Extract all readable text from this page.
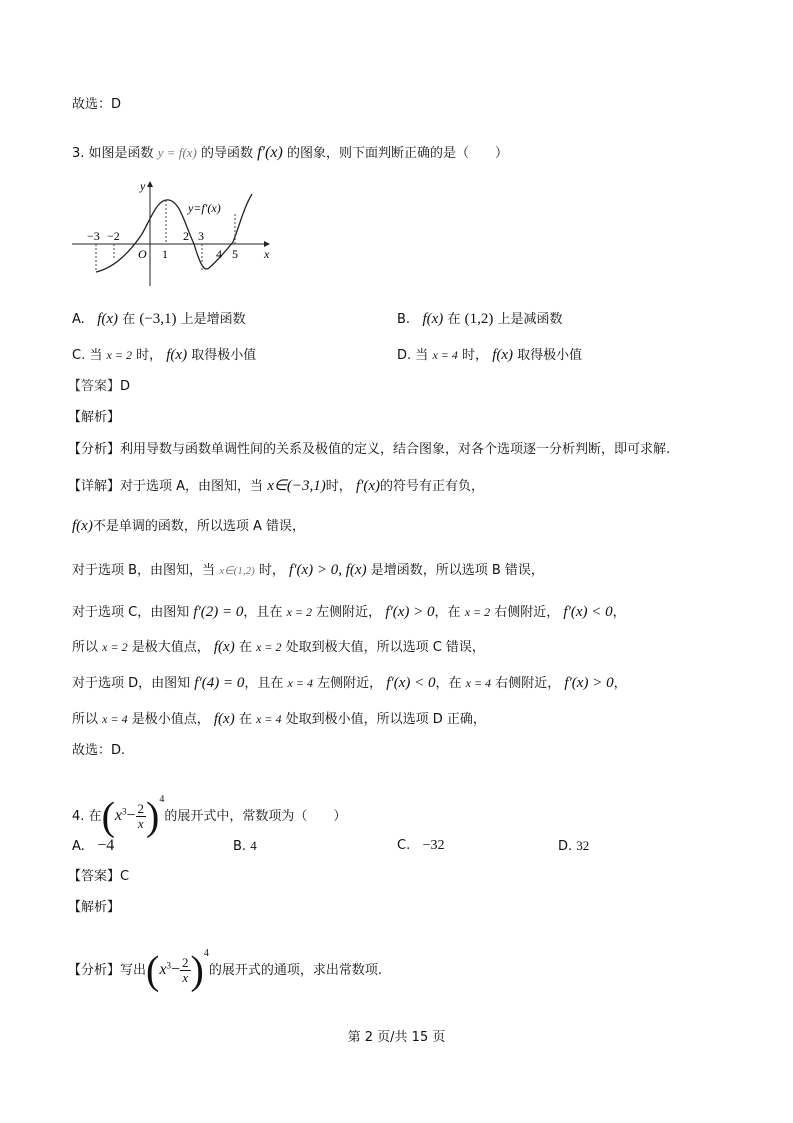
故选：D
3. 如图是函数 y = f(x) 的导函数 f′(x) 的图象，则下面判断正确的是（　　）
y
x
O
y=f′(x)
−3 −2
1
2 3
4 5
A. f(x) 在 (−3,1) 上是增函数	B. f(x) 在 (1,2) 上是减函数
C. 当 x = 2 时， f(x) 取得极小值	D. 当 x = 4 时， f(x) 取得极小值
【答案】D
【解析】
【分析】利用导数与函数单调性间的关系及极值的定义，结合图象，对各个选项逐一分析判断，即可求解.
【详解】对于选项 A，由图知，当 x∈(−3,1)时， f′(x)的符号有正有负，
f(x)不是单调的函数，所以选项 A 错误，
对于选项 B，由图知，当 x∈(1,2) 时， f′(x) > 0, f(x) 是增函数，所以选项 B 错误，
对于选项 C，由图知 f′(2) = 0，且在 x = 2 左侧附近， f′(x) > 0，在 x = 2 右侧附近， f′(x) < 0，
所以 x = 2 是极大值点， f(x) 在 x = 2 处取到极大值，所以选项 C 错误，
对于选项 D，由图知 f′(4) = 0，且在 x = 4 左侧附近， f′(x) < 0，在 x = 4 右侧附近， f′(x) > 0，
所以 x = 4 是极小值点， f(x) 在 x = 4 处取到极小值，所以选项 D 正确，
故选：D.
4. 在$(x^3- \frac{2}{x} )^4$的展开式中，常数项为（　　）
A. −4	B. 4	C. −32	D. 32
【答案】C
【解析】
【分析】写出$(x^3- \frac{2}{x} )^4$的展开式的通项，求出常数项.
第 2 页/共 15 页
